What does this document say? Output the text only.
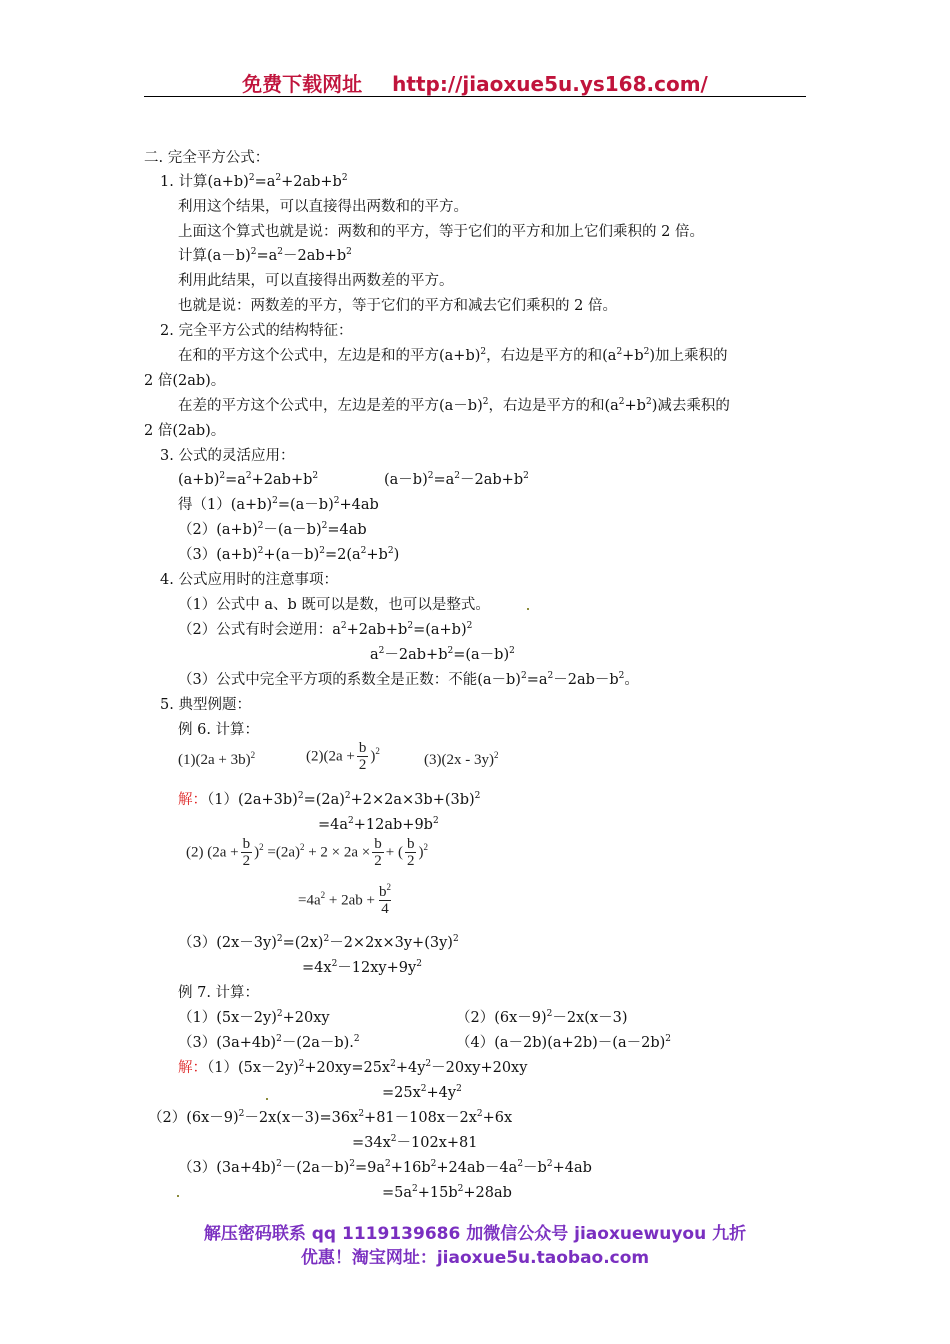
免费下载网址 http://jiaoxue5u.ys168.com/
二. 完全平方公式：
1. 计算$(a+b)^2=a^2+2ab+b^2$
利用这个结果，可以直接得出两数和的平方。
上面这个算式也就是说：两数和的平方，等于它们的平方和加上它们乘积的 2 倍。
计算$(a-b)^2=a^2-2ab+b^2$
利用此结果，可以直接得出两数差的平方。
也就是说：两数差的平方，等于它们的平方和减去它们乘积的 2 倍。
2. 完全平方公式的结构特征：
在和的平方这个公式中，左边是和的平方$(a+b)^2$，右边是平方的和$(a^2+b^2)$加上乘积的
2 倍(2ab)。
在差的平方这个公式中，左边是差的平方$(a-b)^2$，右边是平方的和$(a^2+b^2)$减去乘积的
2 倍(2ab)。
3. 公式的灵活应用：
$(a+b)^2=a^2+2ab+b^2$	$(a-b)^2=a^2-2ab+b^2$
得$(1)(a+b)^2=(a-b)^2+4ab$
$(2)(a+b)^2-(a-b)^2=4ab$
$(3)(a+b)^2+(a-b)^2=2(a^2+b^2)$
4. 公式应用时的注意事项：
（1）公式中 a、b 既可以是数，也可以是整式。
（2）公式有时会逆用：$a^2+2ab+b^2=(a+b)^2$
$a^2-2ab+b^2=(a-b)^2$
（3）公式中完全平方项的系数全是正数：不能$(a-b)^2=a^2-2ab-b^2$。
5. 典型例题：
例 6. 计算：
$(1)(2a + 3b)^2$	$(2)(2a + \frac{b}{2} )^2$
(3)(2x - 3y)$^2$
解：$(1)(2a+3b)^2=(2a)^2+2\times 2a\times 3b+(3b)^2$
$=4a^2+12ab+9b^2$
(2) $(2a + \frac{b}{2} )^2 =(2a)^2 + 2 \times 2a \times \frac{b}{2}$ + ( $\frac{b}{2} )^2$
$=4a^2 + 2ab + \frac{b^2}{4}$
$(3)(2x-3y)^2=(2x)^2-2\times 2x\times 3y+(3y)^2$
$=4x^2-12xy+9y^2$
例 7. 计算：
$(1)(5x-2y)^2+20xy$	$(2)(6x-9)^2-2x(x-3)$
$(3)(3a+4b)^2-(2a-b).^2$	$(4)(a-2b)(a+2b)-(a-2b)^2$
解：$(1)(5x-2y)^2+20xy=25x^2+4y^2-20xy+20xy$
$=25x^2+4y^2$
$(2)(6x-9)^2-2x(x-3)=36x^2+81-108x-2x^2+6x$
$=34x^2-102x+81$
$(3)(3a+4b)^2-(2a-b)^2=9a^2+16b^2+24ab-4a^2-b^2+4ab$
$=5a^2+15b^2+28ab$
解压密码联系 qq 1119139686 加微信公众号 jiaoxuewuyou 九折
优惠！淘宝网址：jiaoxue5u.taobao.com
